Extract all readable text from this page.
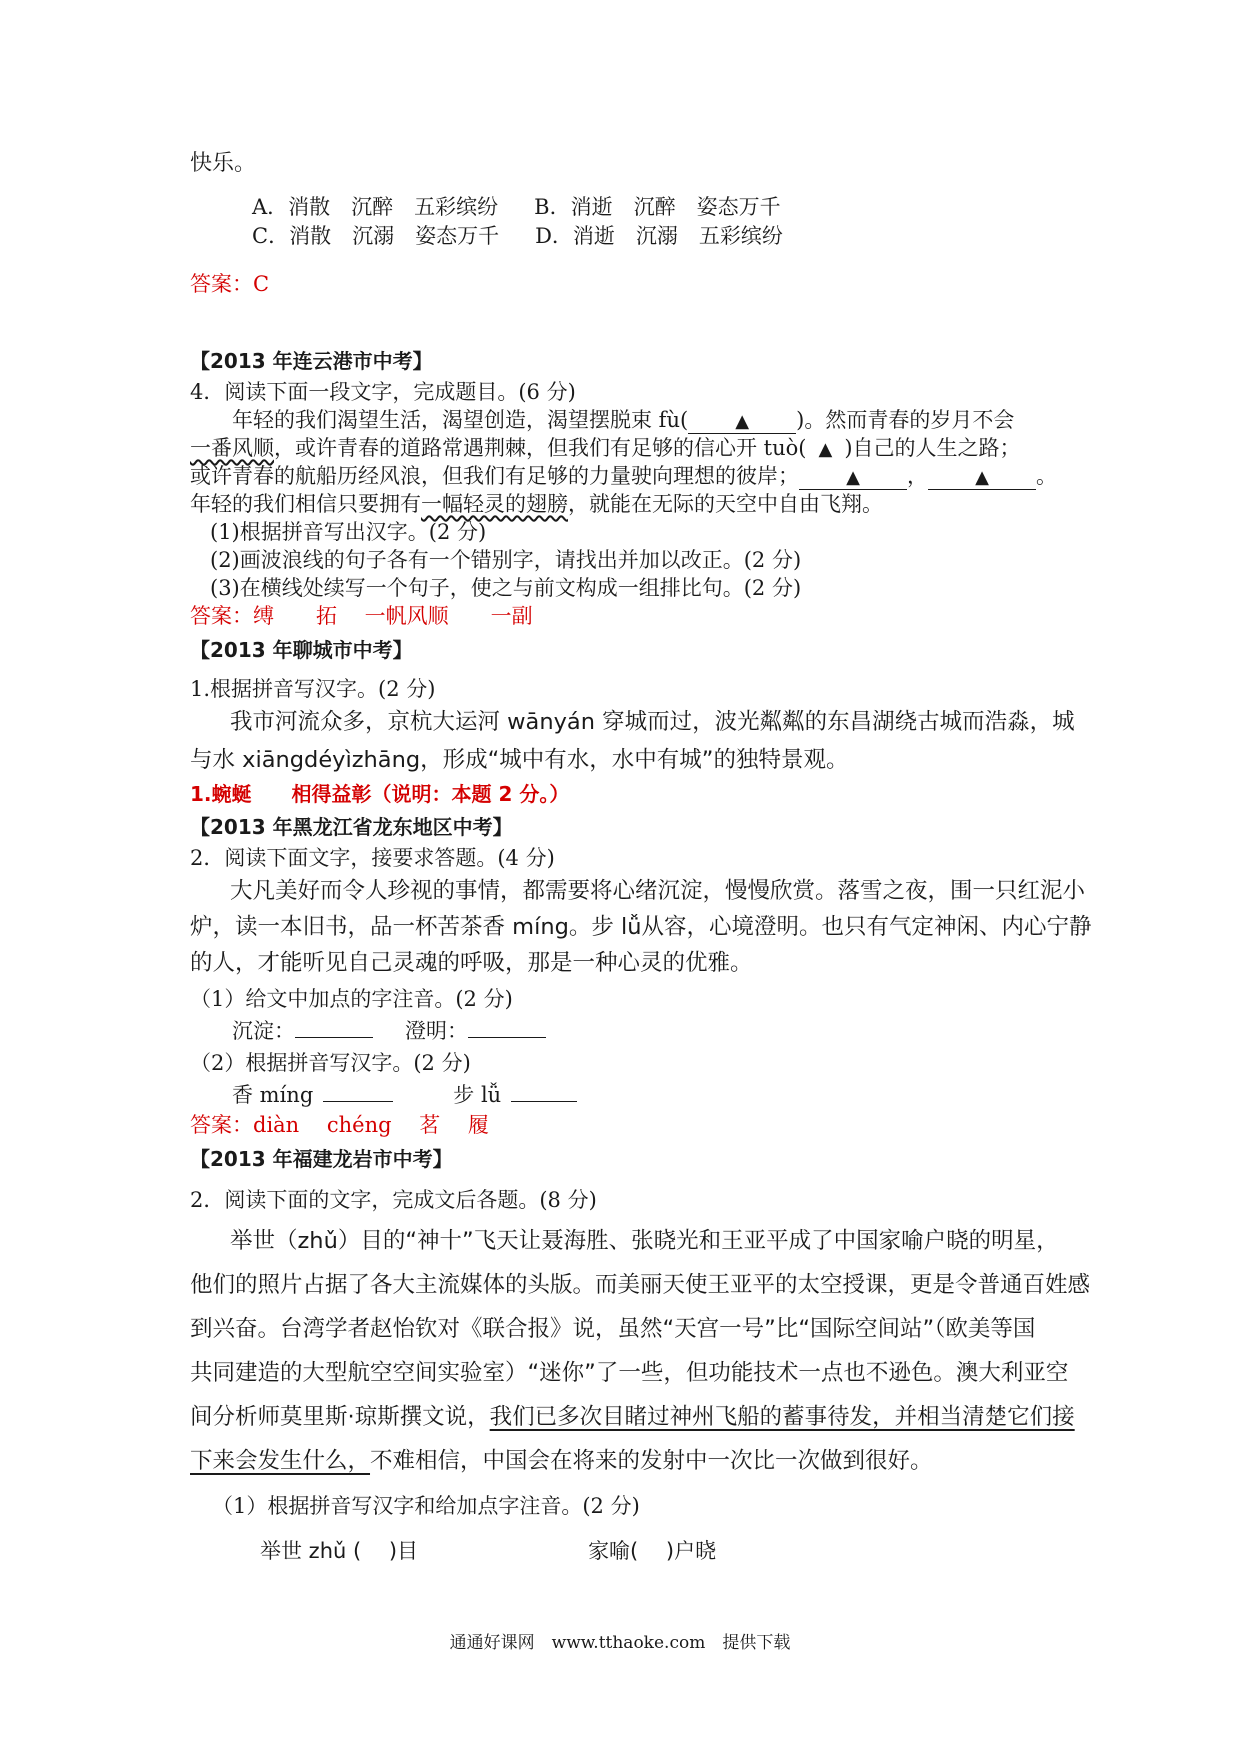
快乐。
A．消散　沉醉　五彩缤纷 B．消逝　沉醉　姿态万千
C．消散　沉溺　姿态万千 D．消逝　沉溺　五彩缤纷
答案：C
【2013 年连云港市中考】
4．阅读下面一段文字，完成题目。(6 分)
年轻的我们渴望生活，渴望创造，渴望摆脱束 fù(	▲ )。然而青春的岁月不会
一番风顺，或许青春的道路常遇荆棘，但我们有足够的信心开 tuò( ▲ )自己的人生之路；
或许青春的航船历经风浪，但我们有足够的力量驶向理想的彼岸；	▲ ，	▲ 。
年轻的我们相信只要拥有一幅轻灵的翅膀，就能在无际的天空中自由飞翔。
(1)根据拼音写出汉字。(2 分)
(2)画波浪线的句子各有一个错别字，请找出并加以改正。(2 分)
(3)在横线处续写一个句子，使之与前文构成一组排比句。(2 分)
答案：缚　　拓　 一帆风顺　　一副
【2013 年聊城市中考】
1.根据拼音写汉字。(2 分)
我市河流众多，京杭大运河 wānyán 穿城而过，波光粼粼的东昌湖绕古城而浩淼，城
与水 xiāngdéyìzhāng，形成“城中有水，水中有城”的独特景观。
1.蜿蜒　　相得益彰（说明：本题 2 分。）
【2013 年黑龙江省龙东地区中考】
2．阅读下面文字，接要求答题。(4 分)
大凡美好而令人珍视的事情，都需要将心绪沉淀，慢慢欣赏。落雪之夜，围一只红泥小
炉，读一本旧书，品一杯苦茶香 míng。步 lǚ从容，心境澄明。也只有气定神闲、内心宁静
的人，才能听见自己灵魂的呼吸，那是一种心灵的优雅。
（1）给文中加点的字注音。(2 分)
沉淀：	澄明：
（2）根据拼音写汉字。(2 分)
香 míng	步 lǚ
答案：diàn　 chéng　 茗　 履
【2013 年福建龙岩市中考】
2．阅读下面的文字，完成文后各题。(8 分)
举世（zhǔ）目的“神十”飞天让聂海胜、张晓光和王亚平成了中国家喻户晓的明星，
他们的照片占据了各大主流媒体的头版。而美丽天使王亚平的太空授课，更是令普通百姓感
到兴奋。台湾学者赵怡钦对《联合报》说，虽然“天宫一号”比“国际空间站”（欧美等国
共同建造的大型航空空间实验室）“迷你”了一些，但功能技术一点也不逊色。澳大利亚空
间分析师莫里斯·琼斯撰文说，我们已多次目睹过神州飞船的蓄事待发，并相当清楚它们接
下来会发生什么，不难相信，中国会在将来的发射中一次比一次做到很好。
（1）根据拼音写汉字和给加点字注音。(2 分)
举世 zhǔ (　 )目	家喻(　 )户晓
通通好课网　www.tthaoke.com　提供下载
